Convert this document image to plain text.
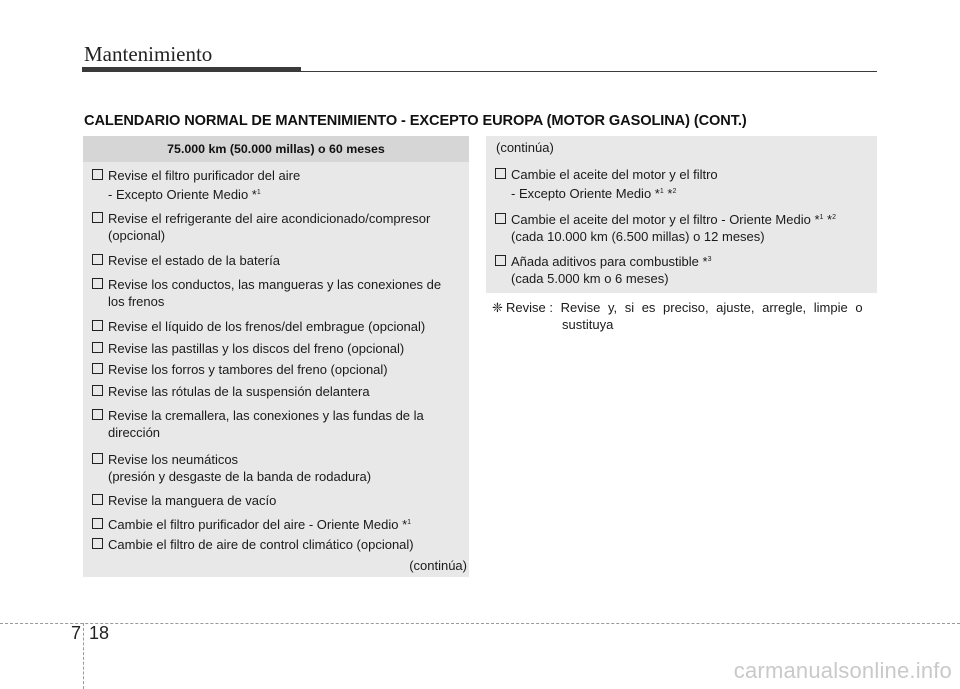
Mantenimiento
CALENDARIO NORMAL DE MANTENIMIENTO - EXCEPTO EUROPA (MOTOR GASOLINA) (CONT.)
75.000 km (50.000 millas) o 60 meses
Revise el filtro purificador del aire
- Excepto Oriente Medio *$^1$
Revise el refrigerante del aire acondicionado/compresor
(opcional)
Revise el estado de la batería
Revise los conductos, las mangueras y las conexiones de
los frenos
Revise el líquido de los frenos/del embrague (opcional)
Revise las pastillas y los discos del freno (opcional)
Revise los forros y tambores del freno (opcional)
Revise las rótulas de la suspensión delantera
Revise la cremallera, las conexiones y las fundas de la
dirección
Revise los neumáticos
(presión y desgaste de la banda de rodadura)
Revise la manguera de vacío
Cambie el filtro purificador del aire - Oriente Medio *$^1$
Cambie el filtro de aire de control climático (opcional)
(continúa)
(continúa)
Cambie el aceite del motor y el filtro
- Excepto Oriente Medio *$^1$ *$^2$
Cambie el aceite del motor y el filtro - Oriente Medio *$^1$ *$^2$
(cada 10.000 km (6.500 millas) o 12 meses)
Añada aditivos para combustible *$^3$
(cada 5.000 km o 6 meses)
❈ Revise : Revise y, si es preciso, ajuste, arregle, limpie o
sustituya
7 18
carmanualsonline.info
